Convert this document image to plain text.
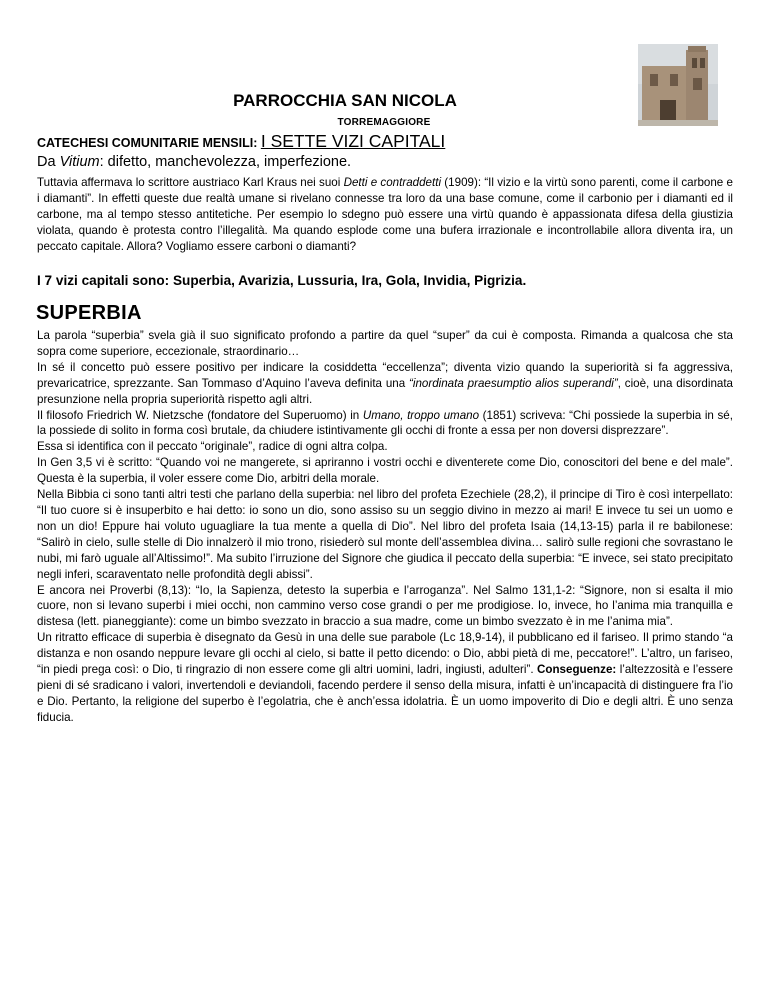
PARROCCHIA SAN NICOLA
TORREMAGGIORE
CATECHESI COMUNITARIE MENSILI: I SETTE VIZI CAPITALI
Da Vitium: difetto, manchevolezza, imperfezione.

Tuttavia affermava lo scrittore austriaco Karl Kraus nei suoi Detti e contraddetti (1909): “Il vizio e la virtù sono parenti, come il carbone e i diamanti”. In effetti queste due realtà umane si rivelano connesse tra loro da una base comune, come il carbonio per i diamanti ed il carbone, ma al tempo stesso antitetiche. Per esempio lo sdegno può essere una virtù quando è appassionata difesa della giustizia violata, quando è protesta contro l’illegalità. Ma quando esplode come una bufera irrazionale e incontrollabile allora diventa ira, un peccato capitale. Allora? Vogliamo essere carboni o diamanti?

I 7 vizi capitali sono: Superbia, Avarizia, Lussuria, Ira, Gola, Invidia, Pigrizia.
SUPERBIA

La parola “superbia” svela già il suo significato profondo a partire da quel “super” da cui è composta. Rimanda a qualcosa che sta sopra come superiore, eccezionale, straordinario…

In sé il concetto può essere positivo per indicare la cosiddetta “eccellenza”; diventa vizio quando la superiorità si fa aggressiva, prevaricatrice, sprezzante. San Tommaso d’Aquino l’aveva definita una “inordinata praesumptio alios superandi”, cioè, una disordinata presunzione nella propria superiorità rispetto agli altri.

Il filosofo Friedrich W. Nietzsche (fondatore del Superuomo) in Umano, troppo umano (1851) scriveva: “Chi possiede la superbia in sé, la possiede di solito in forma così brutale, da chiudere istintivamente gli occhi di fronte a essa per non doversi disprezzare”.

Essa si identifica con il peccato “originale”, radice di ogni altra colpa.

In Gen 3,5 vi è scritto: “Quando voi ne mangerete, si apriranno i vostri occhi e diventerete come Dio, conoscitori del bene e del male”. Questa è la superbia, il voler essere come Dio, arbitri della morale.

Nella Bibbia ci sono tanti altri testi che parlano della superbia: nel libro del profeta Ezechiele (28,2), il principe di Tiro è così interpellato: “Il tuo cuore si è insuperbito e hai detto: io sono un dio, sono assiso su un seggio divino in mezzo ai mari! E invece tu sei un uomo e non un dio! Eppure hai voluto uguagliare la tua mente a quella di Dio”. Nel libro del profeta Isaia (14,13-15) parla il re babilonese: “Salirò in cielo, sulle stelle di Dio innalzerò il mio trono, risiederò sul monte dell’assemblea divina… salirò sulle regioni che sovrastano le nubi, mi farò uguale all’Altissimo!”. Ma subito l’irruzione del Signore che giudica il peccato della superbia: “E invece, sei stato precipitato negli inferi, scaraventato nelle profondità degli abissi”.

E ancora nei Proverbi (8,13): “Io, la Sapienza, detesto la superbia e l’arroganza”. Nel Salmo 131,1-2: “Signore, non si esalta il mio cuore, non si levano superbi i miei occhi, non cammino verso cose grandi o per me prodigiose. Io, invece, ho l’anima mia tranquilla e distesa (lett. pianeggiante): come un bimbo svezzato in braccio a sua madre, come un bimbo svezzato è in me l’anima mia”.

Un ritratto efficace di superbia è disegnato da Gesù in una delle sue parabole (Lc 18,9-14), il pubblicano ed il fariseo. Il primo stando “a distanza e non osando neppure levare gli occhi al cielo, si batte il petto dicendo: o Dio, abbi pietà di me, peccatore!”. L’altro, un fariseo, “in piedi prega così: o Dio, ti ringrazio di non essere come gli altri uomini, ladri, ingiusti, adulteri”. Conseguenze: l’altezzosità e l’essere pieni di sé sradicano i valori, invertendoli e deviandoli, facendo perdere il senso della misura, infatti è un’incapacità di distinguere fra l’io e Dio. Pertanto, la religione del superbo è l’egolatria, che è anch’essa idolatria. È un uomo impoverito di Dio e degli altri. È uno senza fiducia.
